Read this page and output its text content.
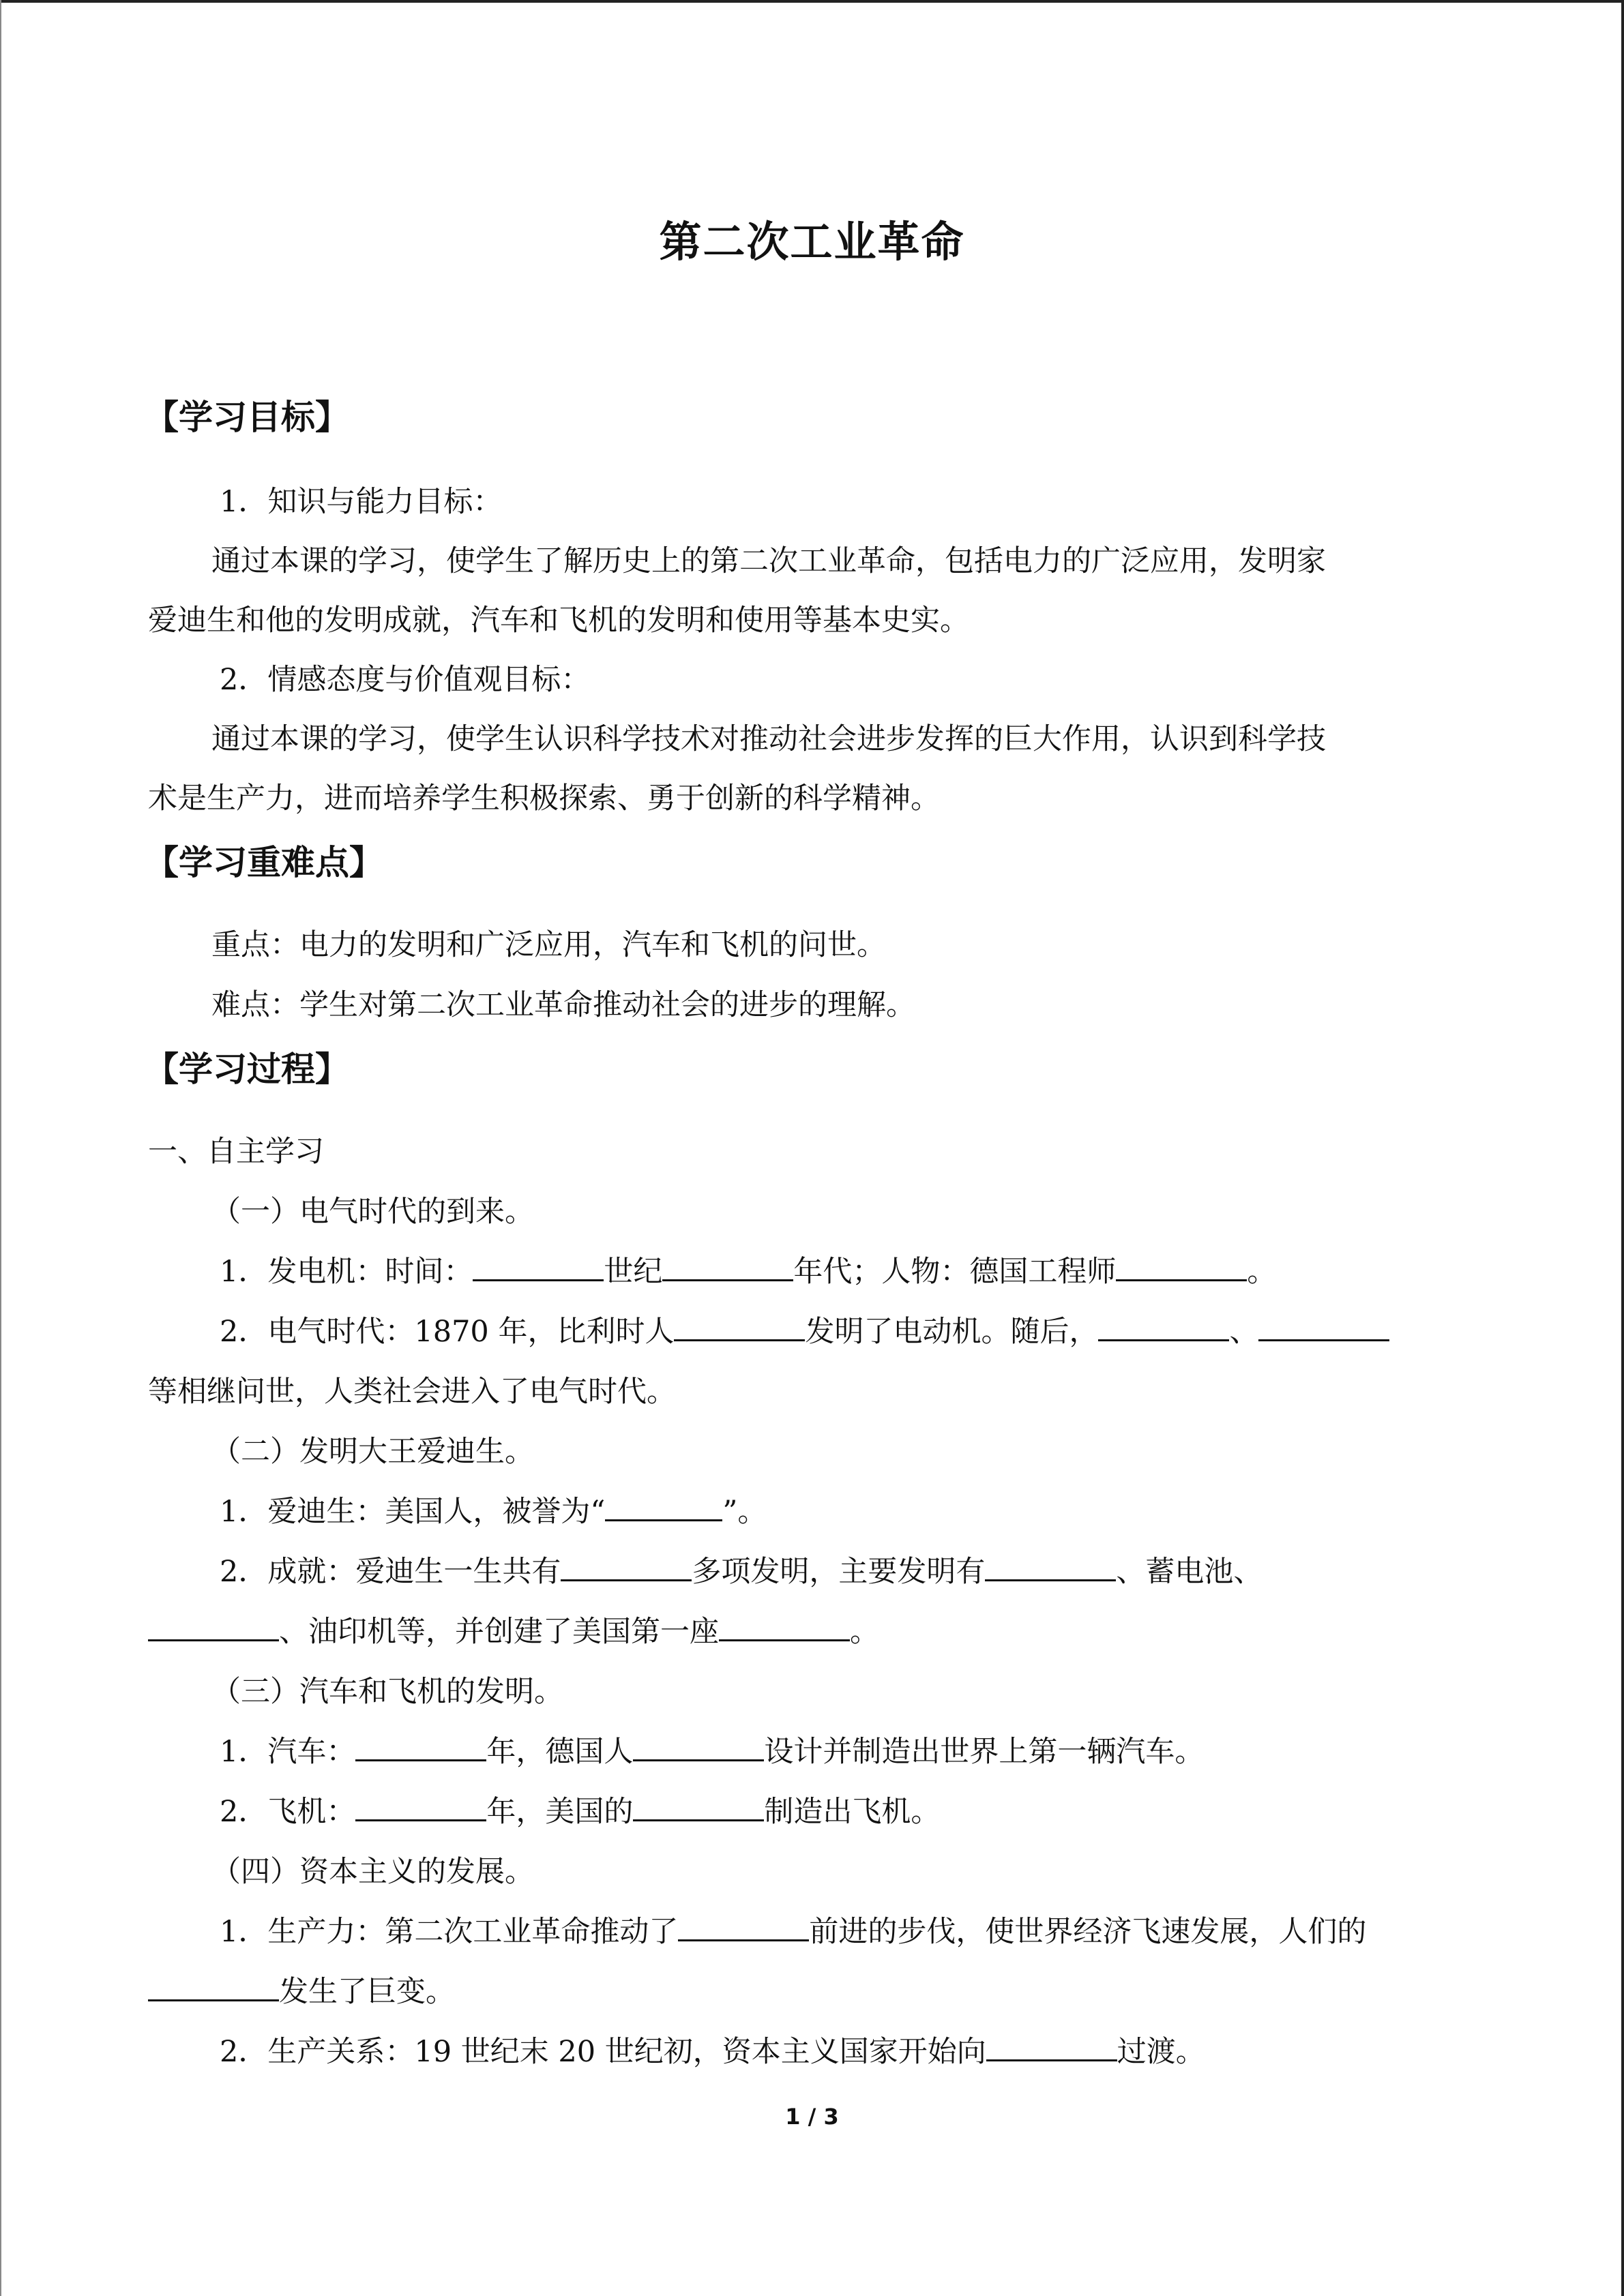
第二次工业革命
【学习目标】
1．知识与能力目标：
通过本课的学习，使学生了解历史上的第二次工业革命，包括电力的广泛应用，发明家
爱迪生和他的发明成就，汽车和飞机的发明和使用等基本史实。
2．情感态度与价值观目标：
通过本课的学习，使学生认识科学技术对推动社会进步发挥的巨大作用，认识到科学技
术是生产力，进而培养学生积极探索、勇于创新的科学精神。
【学习重难点】
重点：电力的发明和广泛应用，汽车和飞机的问世。
难点：学生对第二次工业革命推动社会的进步的理解。
【学习过程】
一、自主学习
（一）电气时代的到来。
1．发电机：时间：	世纪	年代；人物：德国工程师	。
2．电气时代：1870 年，比利时人	发明了电动机。随后，	、
等相继问世，人类社会进入了电气时代。
（二）发明大王爱迪生。
1．爱迪生：美国人，被誉为“	”。
2．成就：爱迪生一生共有	多项发明，主要发明有	、蓄电池、
、油印机等，并创建了美国第一座	。
（三）汽车和飞机的发明。
1．汽车：	年，德国人	设计并制造出世界上第一辆汽车。
2．飞机：	年，美国的	制造出飞机。
（四）资本主义的发展。
1．生产力：第二次工业革命推动了	前进的步伐，使世界经济飞速发展，人们的
发生了巨变。
2．生产关系：19 世纪末 20 世纪初，资本主义国家开始向	过渡。
1 / 3
